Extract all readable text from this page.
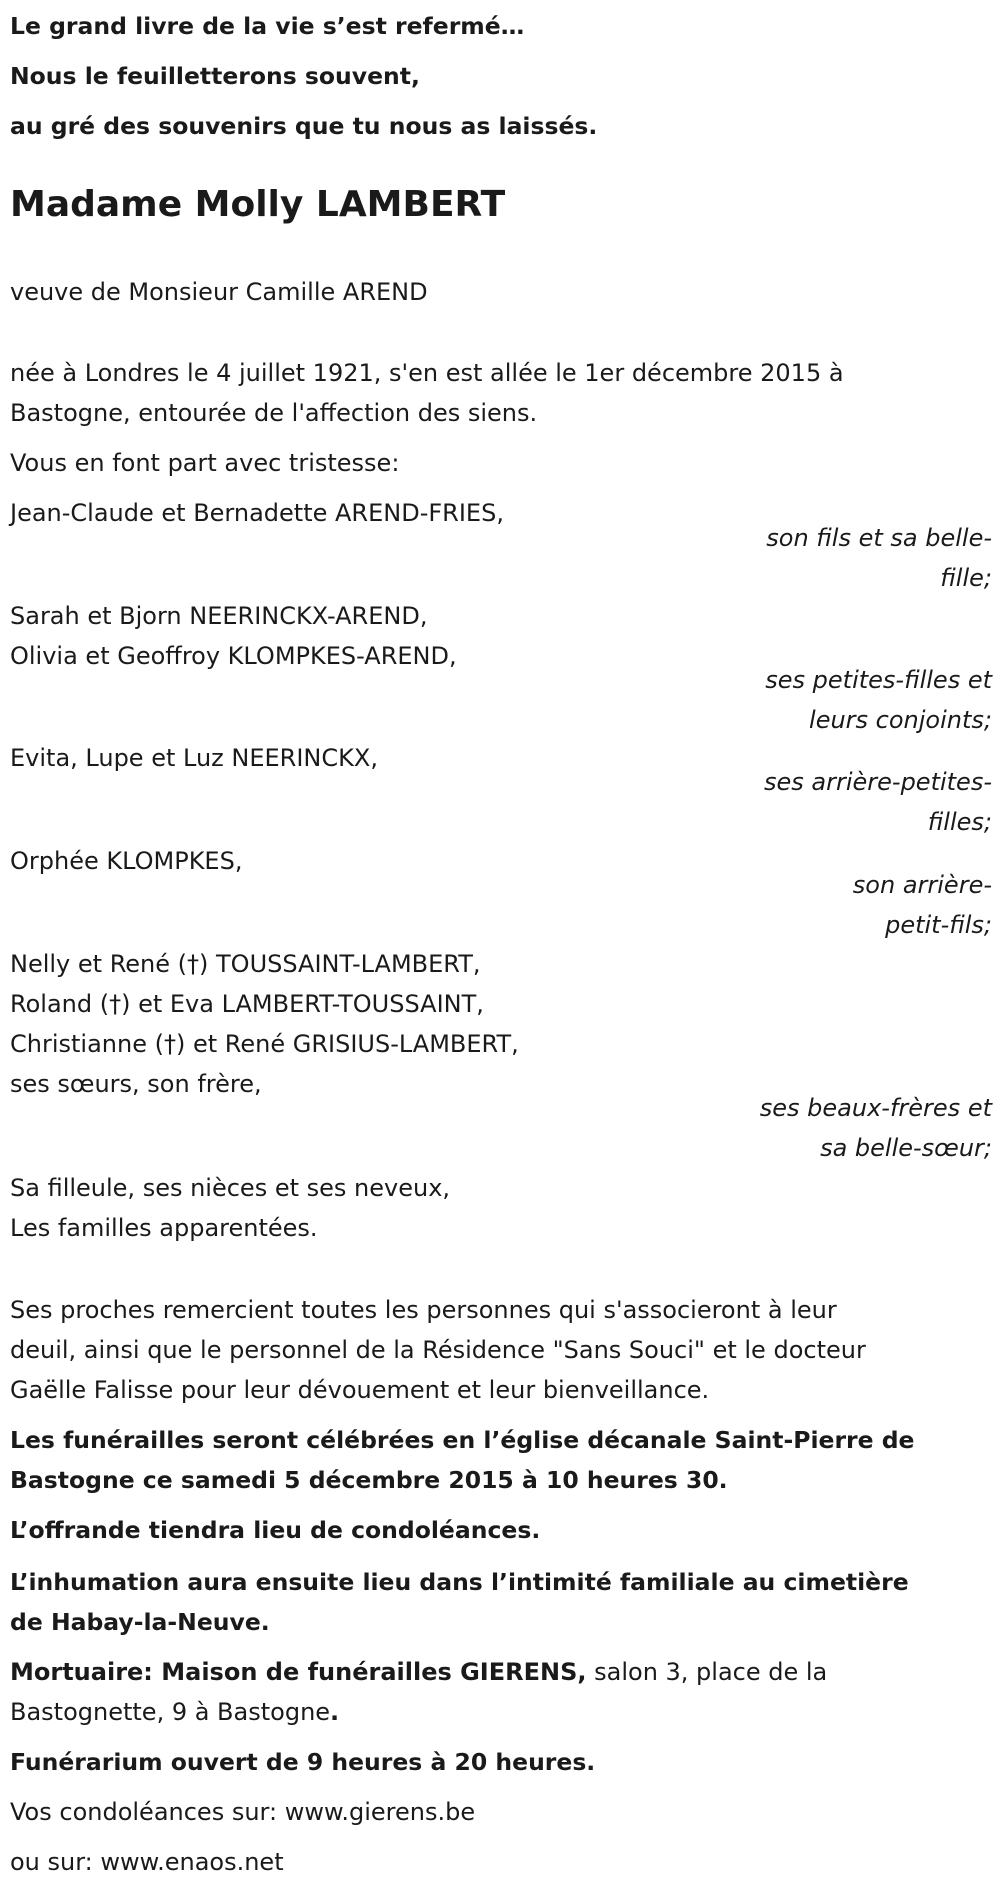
Le grand livre de la vie s’est refermé…
Nous le feuilletterons souvent,
au gré des souvenirs que tu nous as laissés.
Madame Molly LAMBERT
veuve de Monsieur Camille AREND
née à Londres le 4 juillet 1921, s'en est allée le 1er décembre 2015 à
Bastogne, entourée de l'affection des siens.
Vous en font part avec tristesse:
Jean-Claude et Bernadette AREND-FRIES,
son fils et sa belle-
fille;
Sarah et Bjorn NEERINCKX-AREND,
Olivia et Geoffroy KLOMPKES-AREND,
ses petites-filles et
leurs conjoints;
Evita, Lupe et Luz NEERINCKX,
ses arrière-petites-
filles;
Orphée KLOMPKES,
son arrière-
petit-fils;
Nelly et René (†) TOUSSAINT-LAMBERT,
Roland (†) et Eva LAMBERT-TOUSSAINT,
Christianne (†) et René GRISIUS-LAMBERT,
ses sœurs, son frère,
ses beaux-frères et
sa belle-sœur;
Sa filleule, ses nièces et ses neveux,
Les familles apparentées.
Ses proches remercient toutes les personnes qui s'associeront à leur
deuil, ainsi que le personnel de la Résidence "Sans Souci" et le docteur
Gaëlle Falisse pour leur dévouement et leur bienveillance.
Les funérailles seront célébrées en l’église décanale Saint-Pierre de
Bastogne ce samedi 5 décembre 2015 à 10 heures 30.
L’offrande tiendra lieu de condoléances.
L’inhumation aura ensuite lieu dans l’intimité familiale au cimetière
de Habay-la-Neuve.
Mortuaire: Maison de funérailles GIERENS, salon 3, place de la
Bastognette, 9 à Bastogne.
Funérarium ouvert de 9 heures à 20 heures.
Vos condoléances sur: www.gierens.be
ou sur: www.enaos.net
